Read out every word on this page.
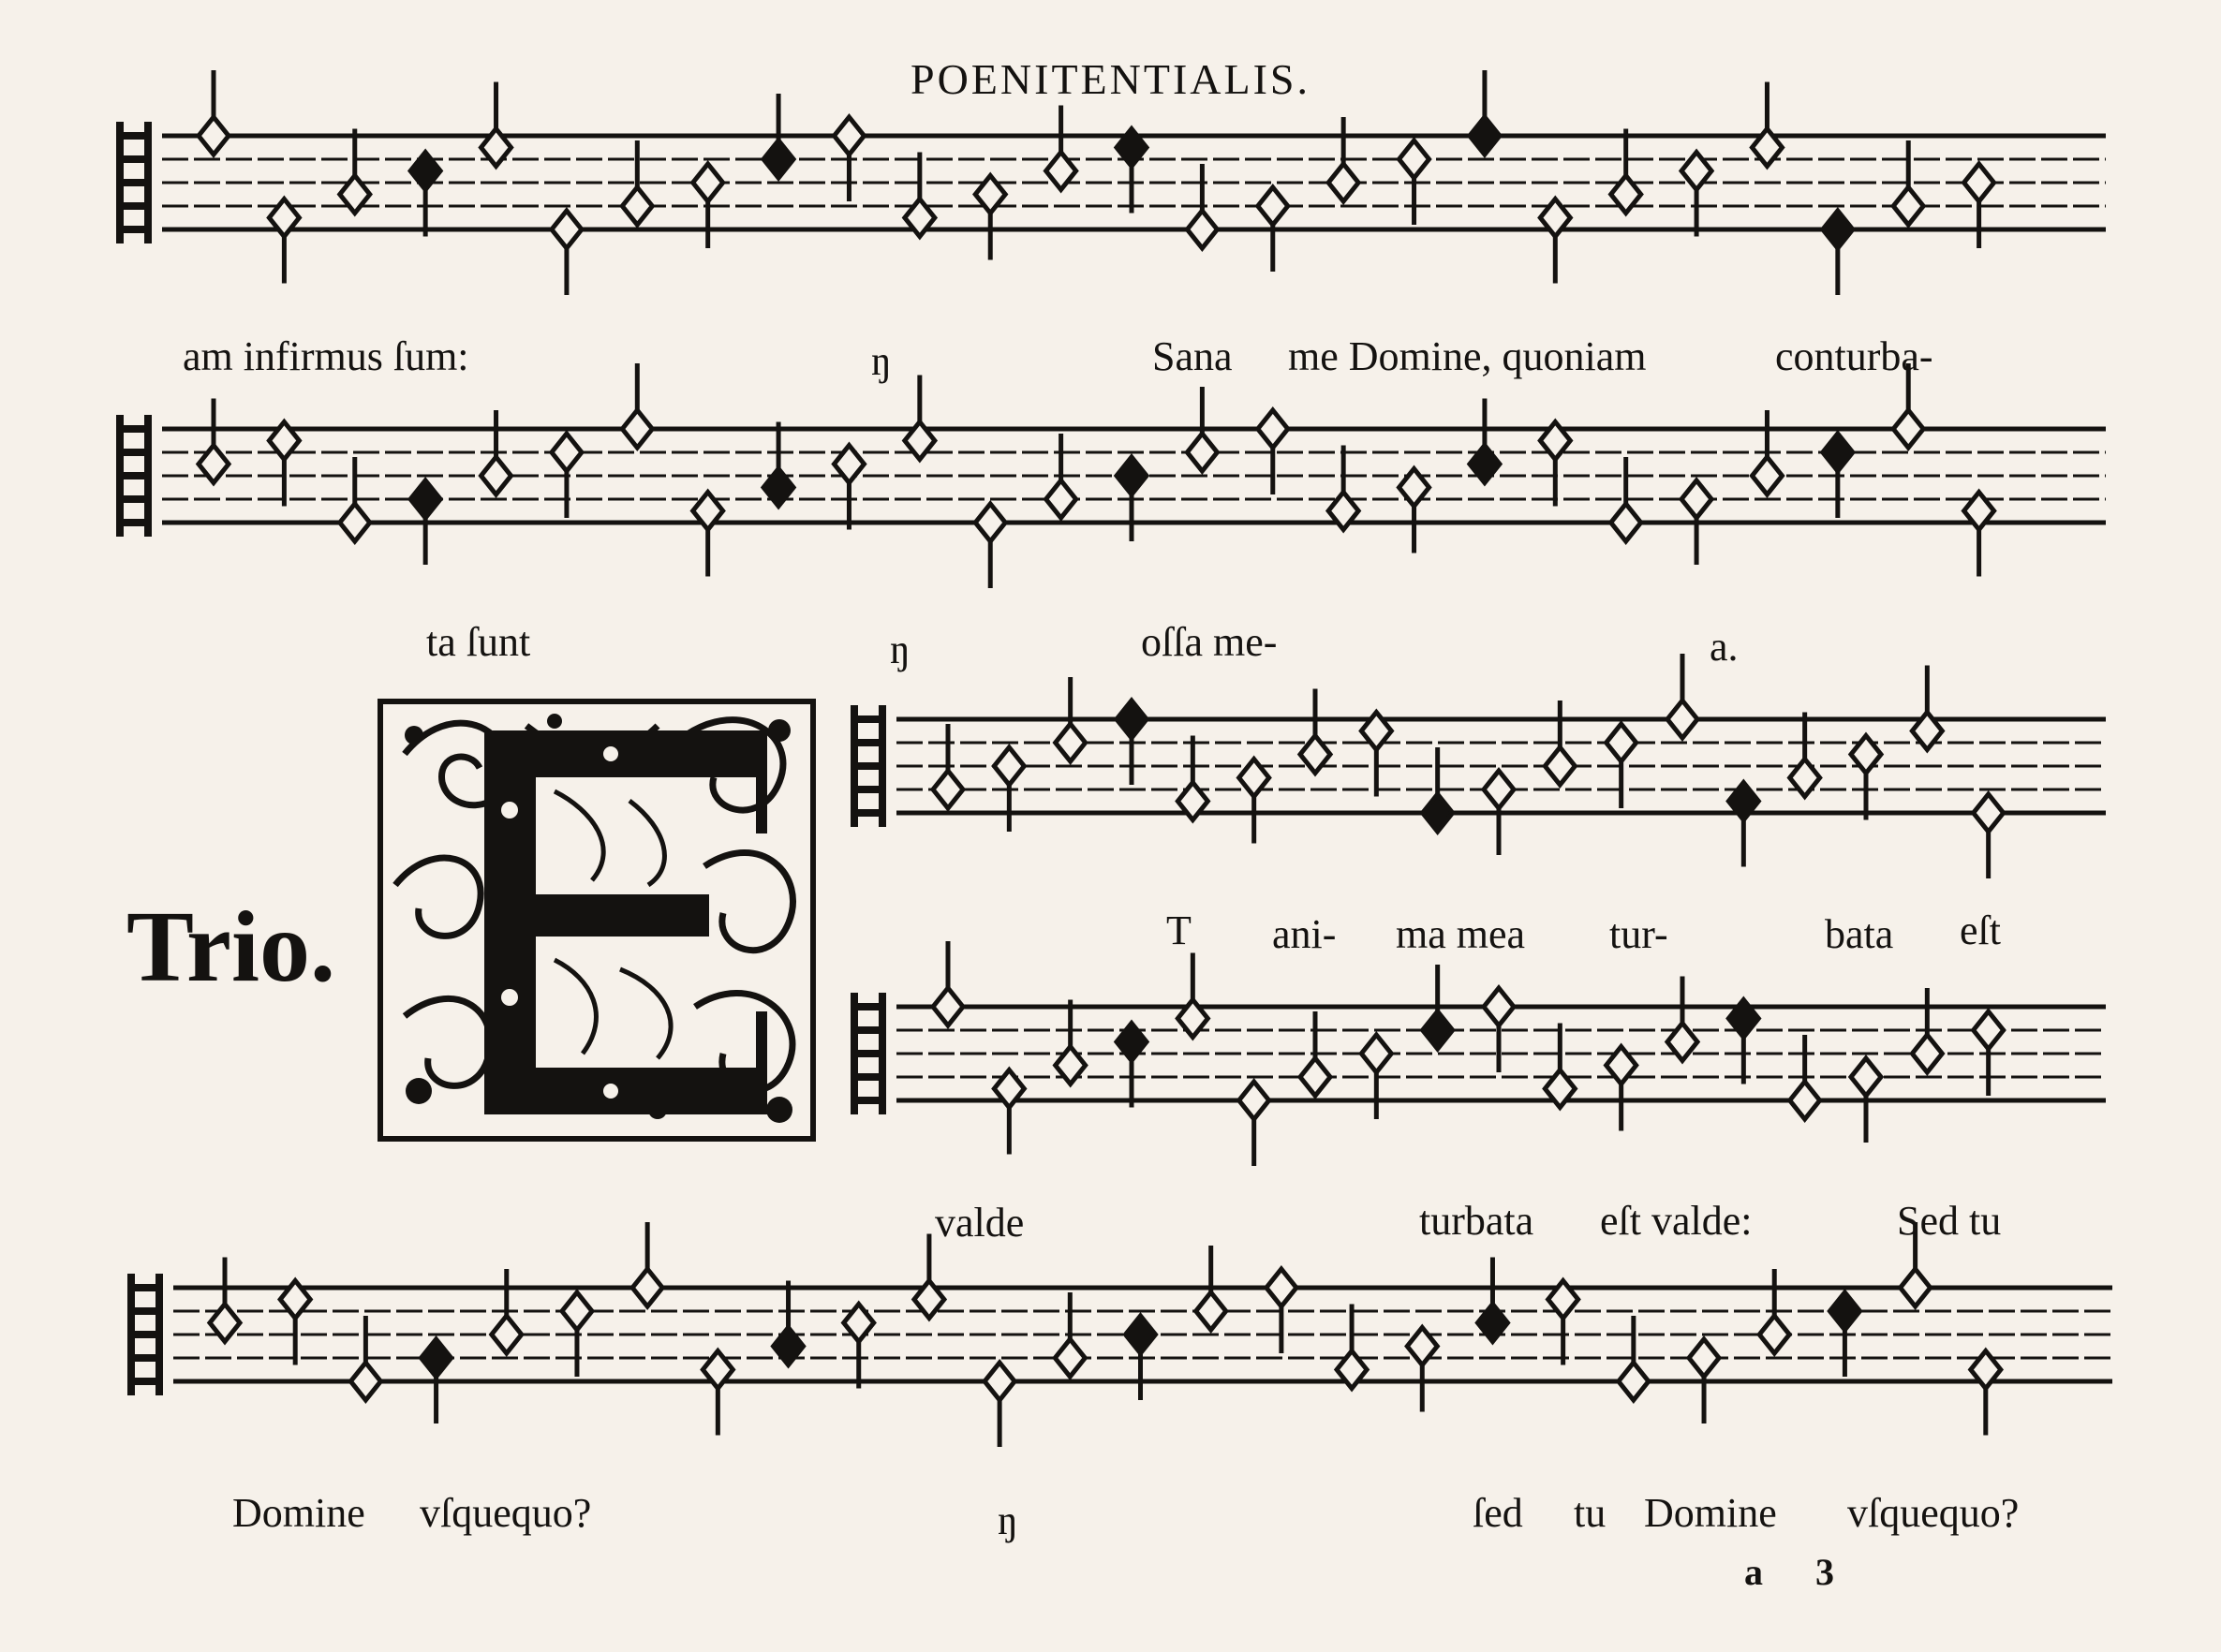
POENITENTIALIS.
am infirmus ſum:	ŋ	Sana me Domine, quoniam	conturba-
ta ſunt	ŋ	oſſa me-	a.
Trio.	T ani- ma mea tur-	bata eſt
valde	turbata eſt valde:	Sed tu
Domine vſquequo?	ŋ	ſed tu Domine vſquequo?
a 3
